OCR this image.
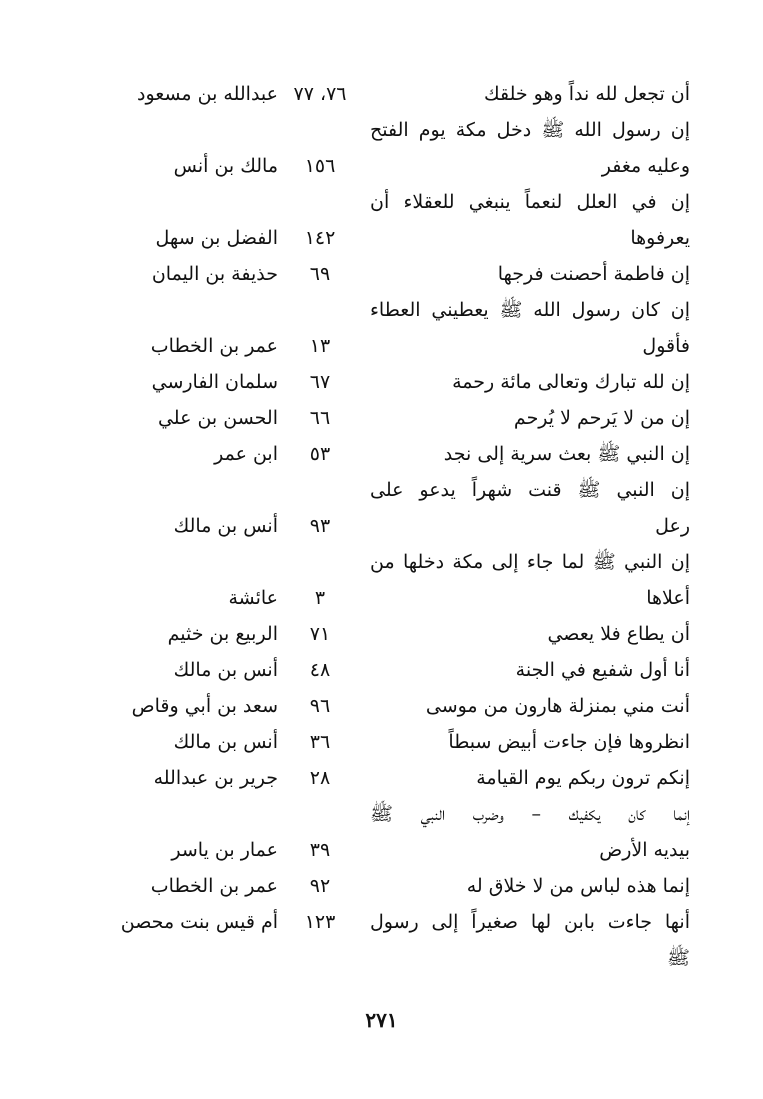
أن تجعل لله نداً وهو خلقك
٧٦، ٧٧
عبدالله بن مسعود
إن رسول الله ﷺ دخل مكة يوم الفتح
وعليه مغفر
١٥٦
مالك بن أنس
إن في العلل لنعماً ينبغي للعقلاء أن
يعرفوها
١٤٢
الفضل بن سهل
إن فاطمة أحصنت فرجها
٦٩
حذيفة بن اليمان
إن كان رسول الله ﷺ يعطيني العطاء
فأقول
١٣
عمر بن الخطاب
إن لله تبارك وتعالى مائة رحمة
٦٧
سلمان الفارسي
إن من لا يَرحم لا يُرحم
٦٦
الحسن بن علي
إن النبي ﷺ بعث سرية إلى نجد
٥٣
ابن عمر
إن النبي ﷺ قنت شهراً يدعو على
رعل
٩٣
أنس بن مالك
إن النبي ﷺ لما جاء إلى مكة دخلها من
أعلاها
٣
عائشة
أن يطاع فلا يعصي
٧١
الربيع بن خثيم
أنا أول شفيع في الجنة
٤٨
أنس بن مالك
أنت مني بمنزلة هارون من موسى
٩٦
سعد بن أبي وقاص
انظروها فإن جاءت أبيض سبطاً
٣٦
أنس بن مالك
إنكم ترون ربكم يوم القيامة
٢٨
جرير بن عبدالله
إنما كان يكفيك – وضرب النبي ﷺ
بيديه الأرض
٣٩
عمار بن ياسر
إنما هذه لباس من لا خلاق له
٩٢
عمر بن الخطاب
أنها جاءت بابن لها صغيراً إلى رسول
١٢٣
أم قيس بنت محصن
ﷺ
٢٧١
